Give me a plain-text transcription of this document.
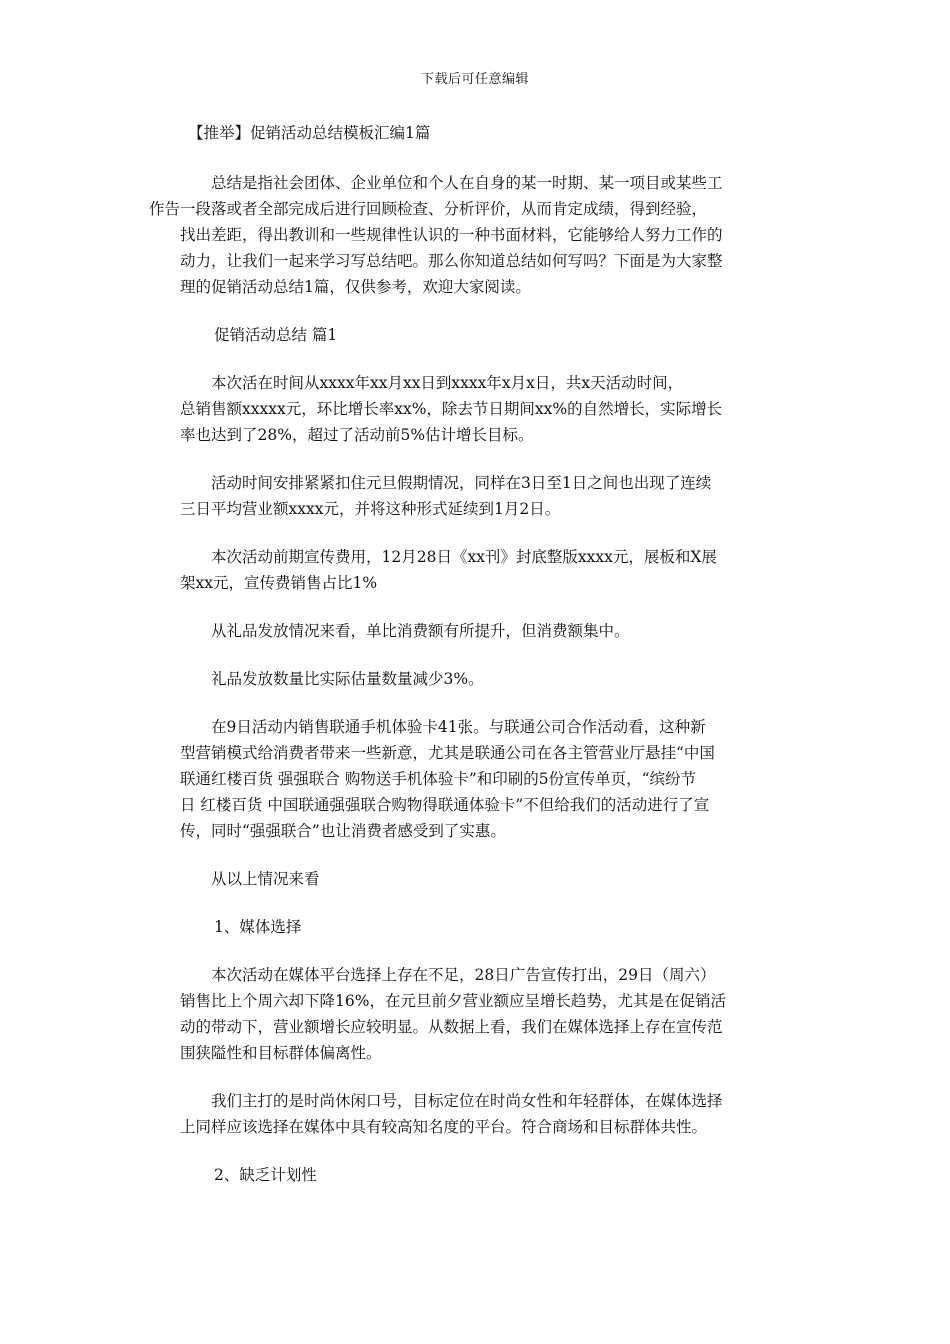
下载后可任意编辑

【推举】促销活动总结模板汇编1篇

总结是指社会团体、企业单位和个人在自身的某一时期、某一项目或某些工
作告一段落或者全部完成后进行回顾检查、分析评价，从而肯定成绩，得到经验，
找出差距，得出教训和一些规律性认识的一种书面材料，它能够给人努力工作的
动力，让我们一起来学习写总结吧。那么你知道总结如何写吗？下面是为大家整
理的促销活动总结1篇，仅供参考，欢迎大家阅读。

促销活动总结 篇1

本次活在时间从xxxx年xx月xx日到xxxx年x月x日，共x天活动时间，
总销售额xxxxx元，环比增长率xx%，除去节日期间xx%的自然增长，实际增长
率也达到了28%，超过了活动前5%估计增长目标。

活动时间安排紧紧扣住元旦假期情况，同样在3日至1日之间也出现了连续
三日平均营业额xxxx元，并将这种形式延续到1月2日。

本次活动前期宣传费用，12月28日《xx刊》封底整版xxxx元，展板和X展
架xx元，宣传费销售占比1%

从礼品发放情况来看，单比消费额有所提升，但消费额集中。

礼品发放数量比实际估量数量减少3%。

在9日活动内销售联通手机体验卡41张。与联通公司合作活动看，这种新
型营销模式给消费者带来一些新意，尤其是联通公司在各主管营业厅悬挂“中国
联通红楼百货 强强联合 购物送手机体验卡”和印刷的5份宣传单页，“缤纷节
日 红楼百货 中国联通强强联合购物得联通体验卡”不但给我们的活动进行了宣
传，同时“强强联合”也让消费者感受到了实惠。

从以上情况来看

1、媒体选择

本次活动在媒体平台选择上存在不足，28日广告宣传打出，29日（周六）
销售比上个周六却下降16%，在元旦前夕营业额应呈增长趋势，尤其是在促销活
动的带动下，营业额增长应较明显。从数据上看，我们在媒体选择上存在宣传范
围狭隘性和目标群体偏离性。

我们主打的是时尚休闲口号，目标定位在时尚女性和年轻群体，在媒体选择
上同样应该选择在媒体中具有较高知名度的平台。符合商场和目标群体共性。

2、缺乏计划性
